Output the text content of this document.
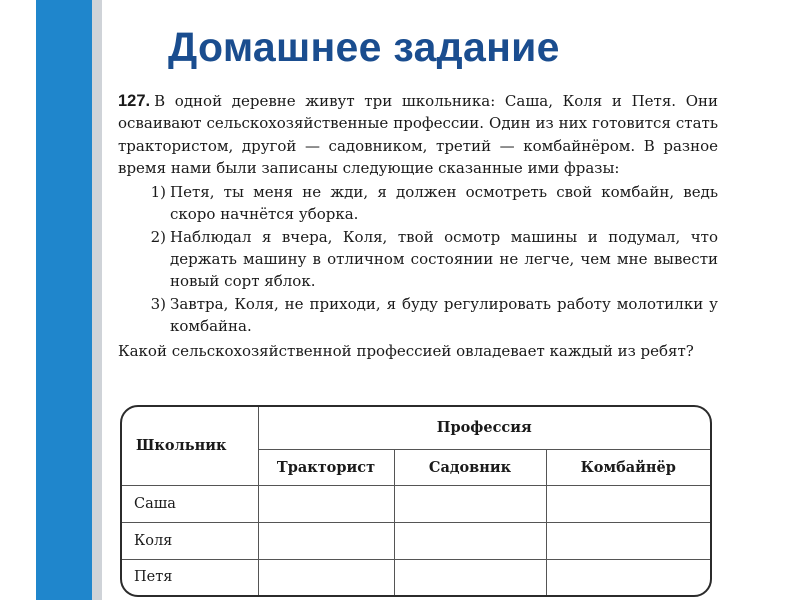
Домашнее задание

127. В одной деревне живут три школьника: Саша, Коля и Петя. Они осваивают сельскохозяйственные профессии. Один из них готовится стать трактористом, другой — садовником, третий — комбайнёром. В разное время нами были записаны следующие сказанные ими фразы:

1) Петя, ты меня не жди, я должен осмотреть свой комбайн, ведь скоро начнётся уборка.
2) Наблюдал я вчера, Коля, твой осмотр машины и подумал, что держать машину в отличном состоянии не легче, чем мне вывести новый сорт яблок.
3) Завтра, Коля, не приходи, я буду регулировать работу молотилки у комбайна.

Какой сельскохозяйственной профессией овладевает каждый из ребят?

Школьник	Профессия		
	Тракторист	Садовник	Комбайнёр
Саша			
Коля			
Петя			
